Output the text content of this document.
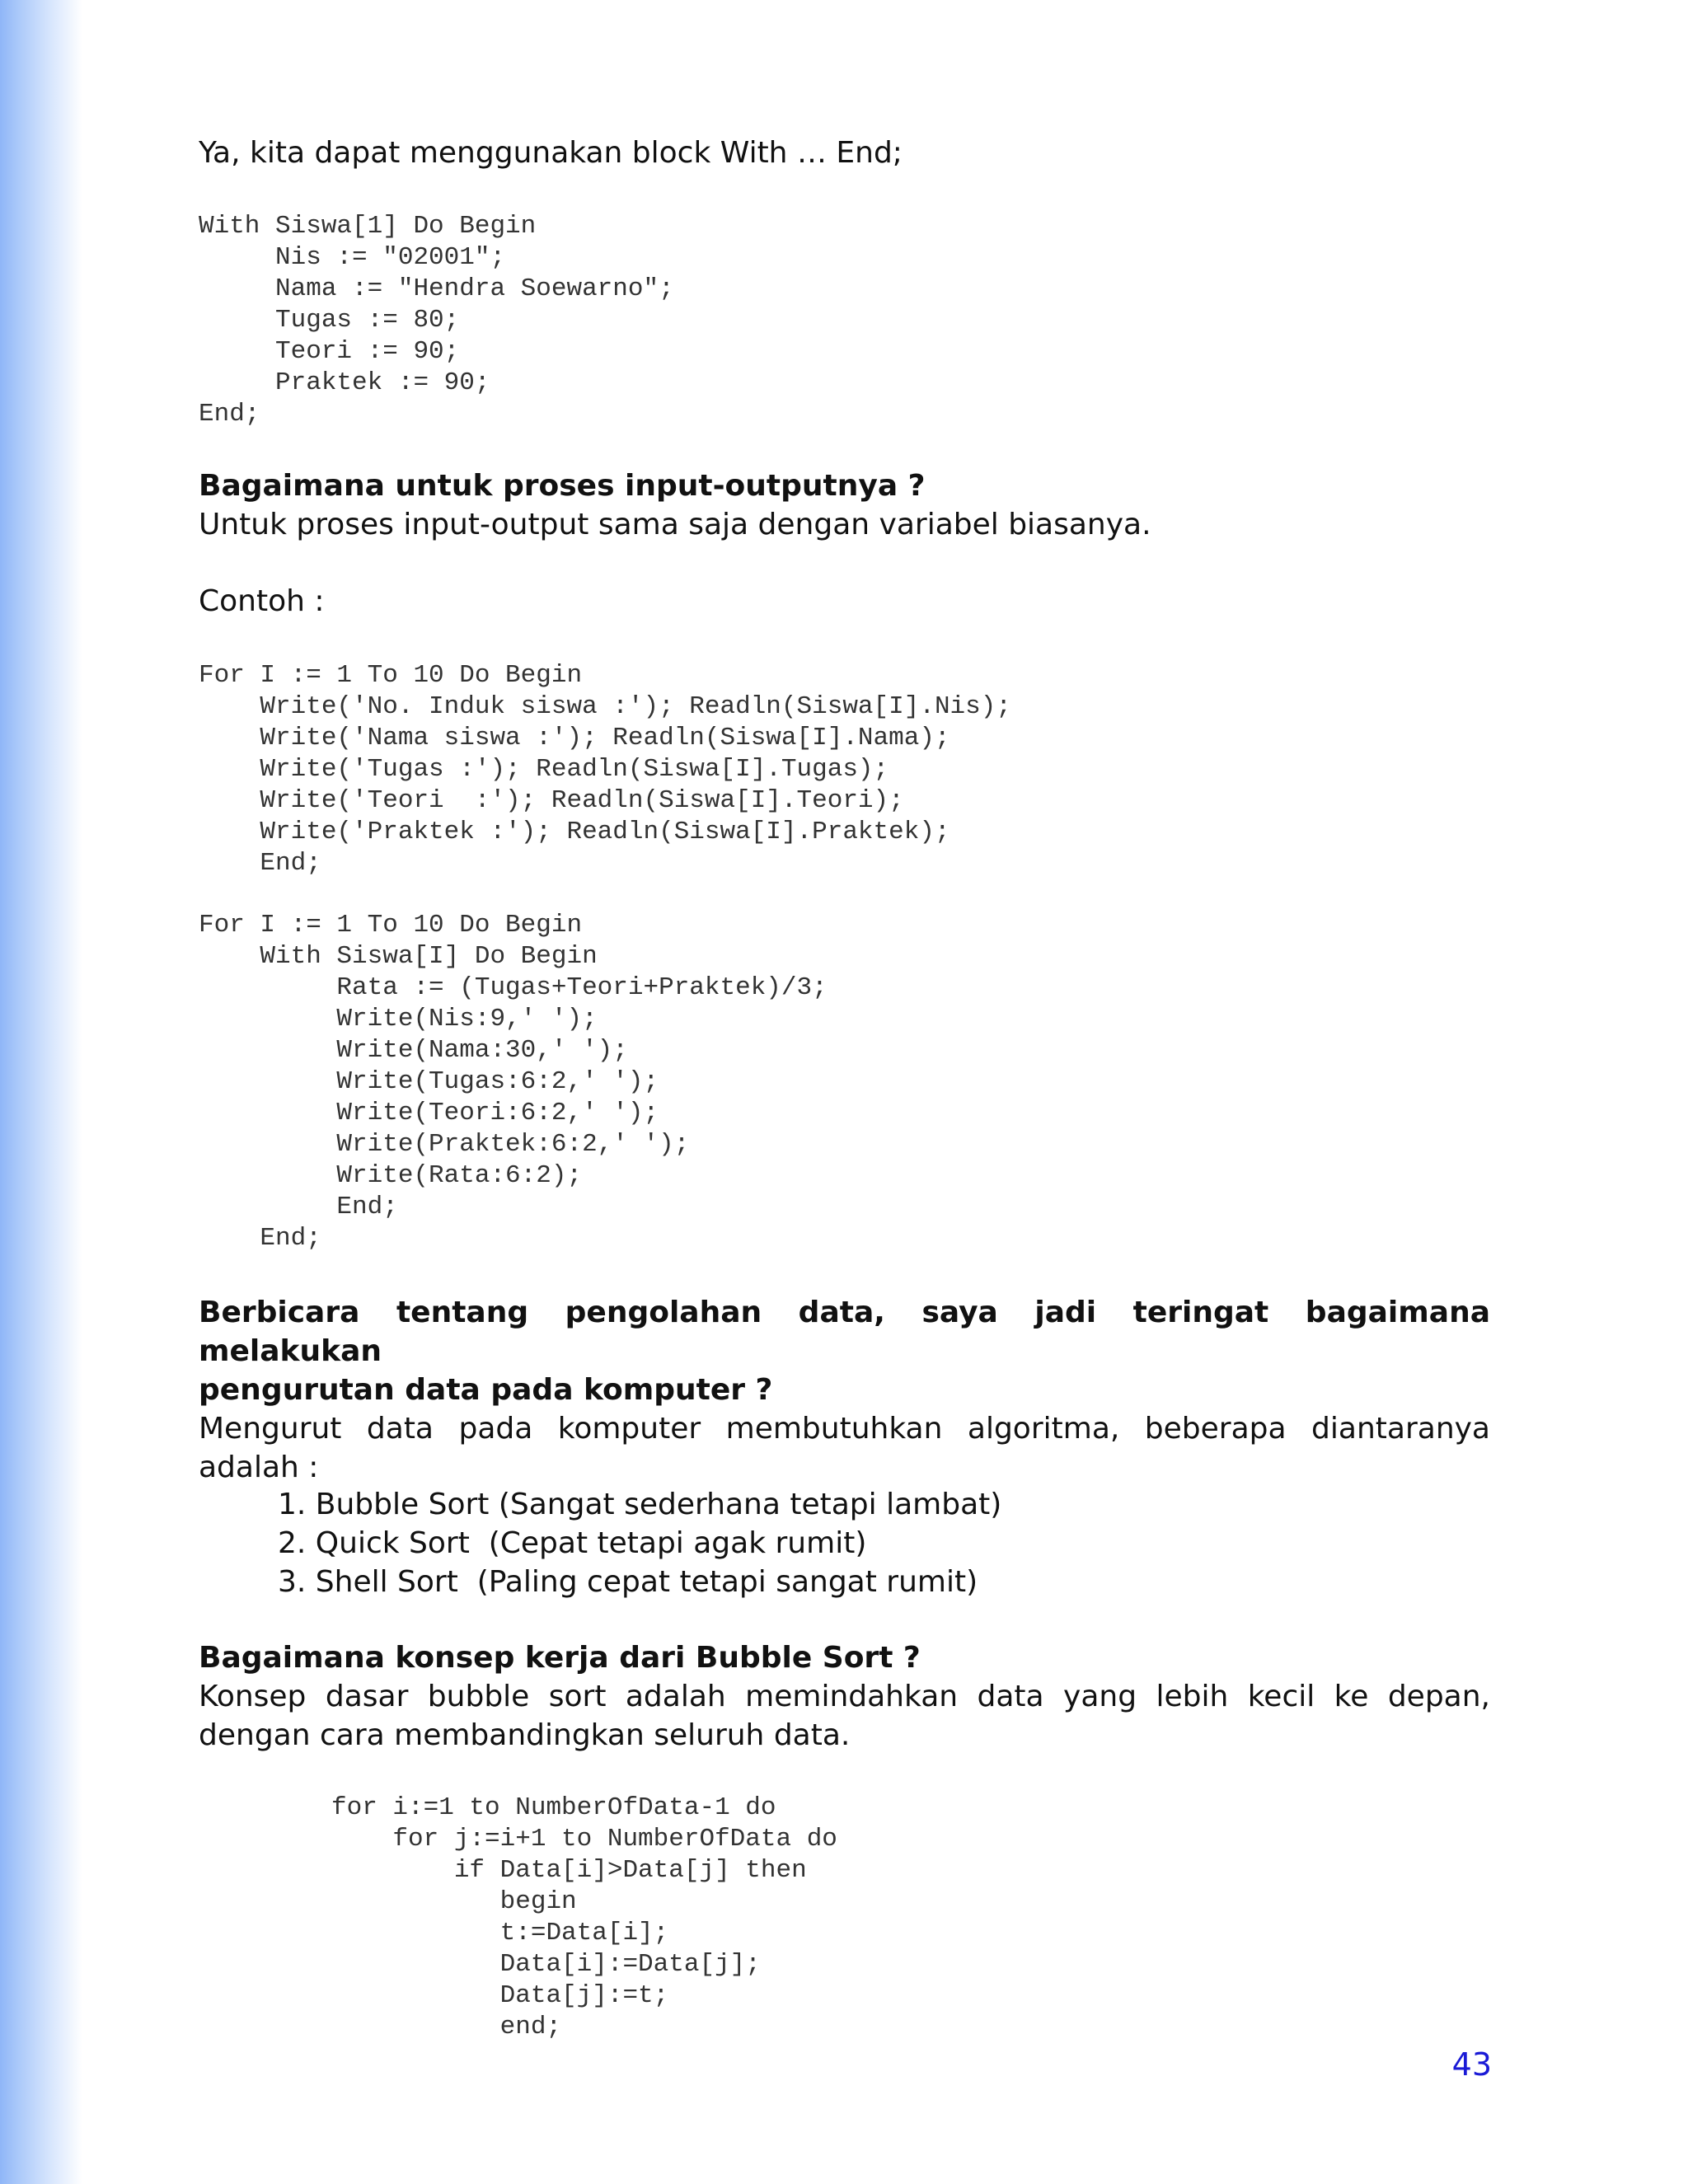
Ya, kita dapat menggunakan block With … End;

With Siswa[1] Do Begin
Nis := "02001";
Nama := "Hendra Soewarno";
Tugas := 80;
Teori := 90;
Praktek := 90;
End;

Bagaimana untuk proses input-outputnya ?

Untuk proses input-output sama saja dengan variabel biasanya.

Contoh :

For I := 1 To 10 Do Begin
Write('No. Induk siswa :'); Readln(Siswa[I].Nis);
Write('Nama siswa :'); Readln(Siswa[I].Nama);
Write('Tugas :'); Readln(Siswa[I].Tugas);
Write('Teori  :'); Readln(Siswa[I].Teori);
Write('Praktek :'); Readln(Siswa[I].Praktek);
End;
For I := 1 To 10 Do Begin
With Siswa[I] Do Begin
Rata := (Tugas+Teori+Praktek)/3;
Write(Nis:9,' ');
Write(Nama:30,' ');
Write(Tugas:6:2,' ');
Write(Teori:6:2,' ');
Write(Praktek:6:2,' ');
Write(Rata:6:2);
End;
End;

Berbicara tentang pengolahan data, saya jadi teringat bagaimana melakukan

pengurutan data pada komputer ?

Mengurut data pada komputer membutuhkan algoritma, beberapa diantaranya adalah :

1. Bubble Sort (Sangat sederhana tetapi lambat)
2. Quick Sort  (Cepat tetapi agak rumit)
3. Shell Sort  (Paling cepat tetapi sangat rumit)

Bagaimana konsep kerja dari Bubble Sort ?

Konsep dasar bubble sort adalah memindahkan data yang lebih kecil ke depan, dengan cara membandingkan seluruh data.

for i:=1 to NumberOfData-1 do
for j:=i+1 to NumberOfData do
if Data[i]>Data[j] then
begin
t:=Data[i];
Data[i]:=Data[j];
Data[j]:=t;
end;
43
